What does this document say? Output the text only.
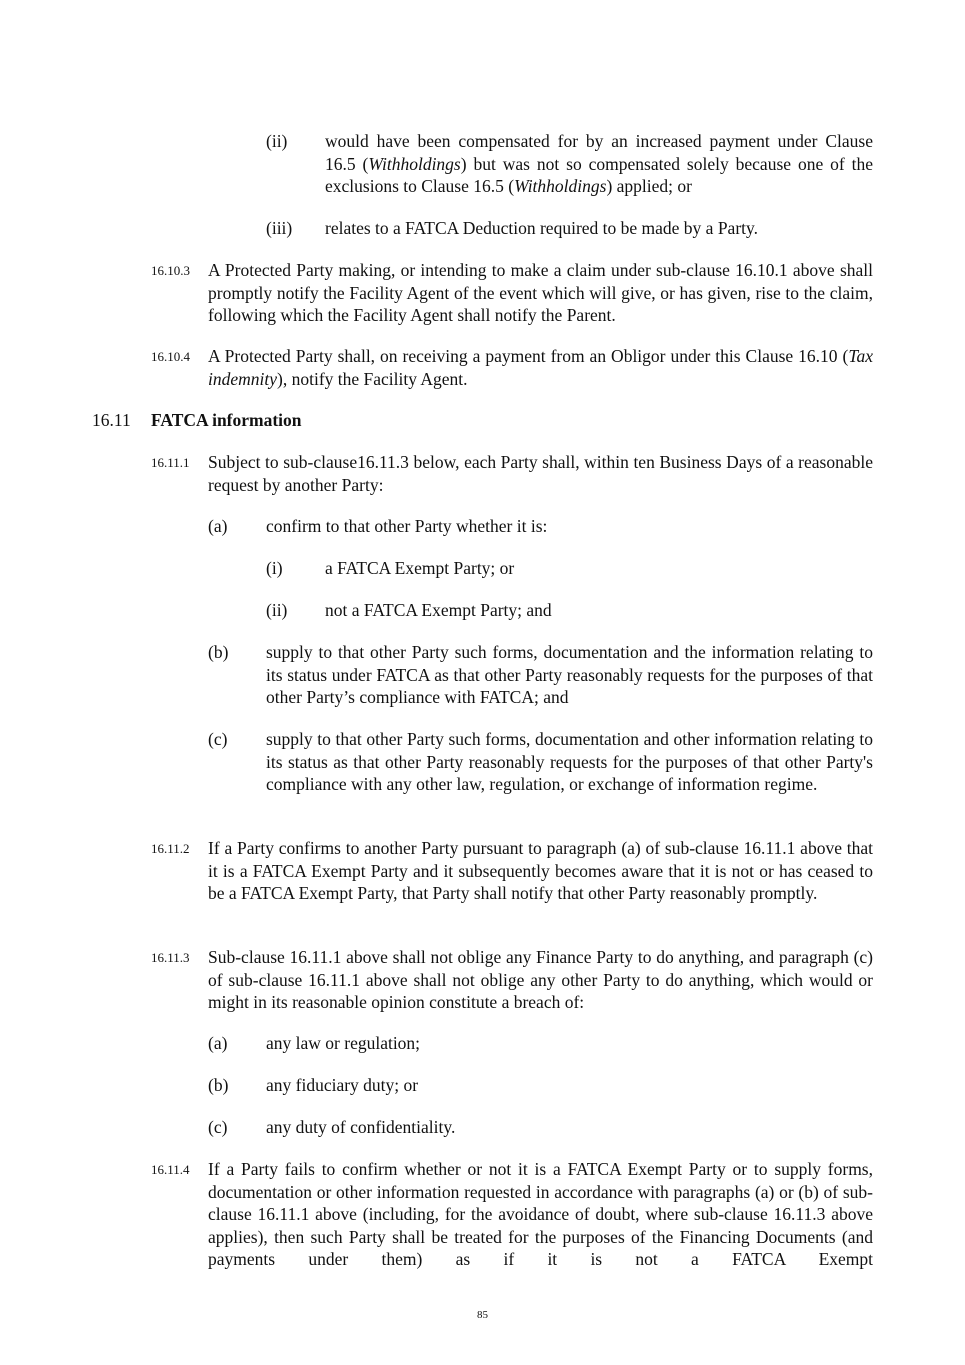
(ii) would have been compensated for by an increased payment under Clause 16.5 (Withholdings) but was not so compensated solely because one of the exclusions to Clause 16.5 (Withholdings) applied; or
(iii) relates to a FATCA Deduction required to be made by a Party.
16.10.3 A Protected Party making, or intending to make a claim under sub-clause 16.10.1 above shall promptly notify the Facility Agent of the event which will give, or has given, rise to the claim, following which the Facility Agent shall notify the Parent.
16.10.4 A Protected Party shall, on receiving a payment from an Obligor under this Clause 16.10 (Tax indemnity), notify the Facility Agent.
16.11 FATCA information
16.11.1 Subject to sub-clause16.11.3 below, each Party shall, within ten Business Days of a reasonable request by another Party:
(a) confirm to that other Party whether it is:
(i) a FATCA Exempt Party; or
(ii) not a FATCA Exempt Party; and
(b) supply to that other Party such forms, documentation and the information relating to its status under FATCA as that other Party reasonably requests for the purposes of that other Party’s compliance with FATCA; and
(c) supply to that other Party such forms, documentation and other information relating to its status as that other Party reasonably requests for the purposes of that other Party's compliance with any other law, regulation, or exchange of information regime.
16.11.2 If a Party confirms to another Party pursuant to paragraph (a) of sub-clause 16.11.1 above that it is a FATCA Exempt Party and it subsequently becomes aware that it is not or has ceased to be a FATCA Exempt Party, that Party shall notify that other Party reasonably promptly.
16.11.3 Sub-clause 16.11.1 above shall not oblige any Finance Party to do anything, and paragraph (c) of sub-clause 16.11.1 above shall not oblige any other Party to do anything, which would or might in its reasonable opinion constitute a breach of:
(a) any law or regulation;
(b) any fiduciary duty; or
(c) any duty of confidentiality.
16.11.4 If a Party fails to confirm whether or not it is a FATCA Exempt Party or to supply forms, documentation or other information requested in accordance with paragraphs (a) or (b) of sub-clause 16.11.1 above (including, for the avoidance of doubt, where sub-clause 16.11.3 above applies), then such Party shall be treated for the purposes of the Financing Documents (and payments under them) as if it is not a FATCA Exempt
85
